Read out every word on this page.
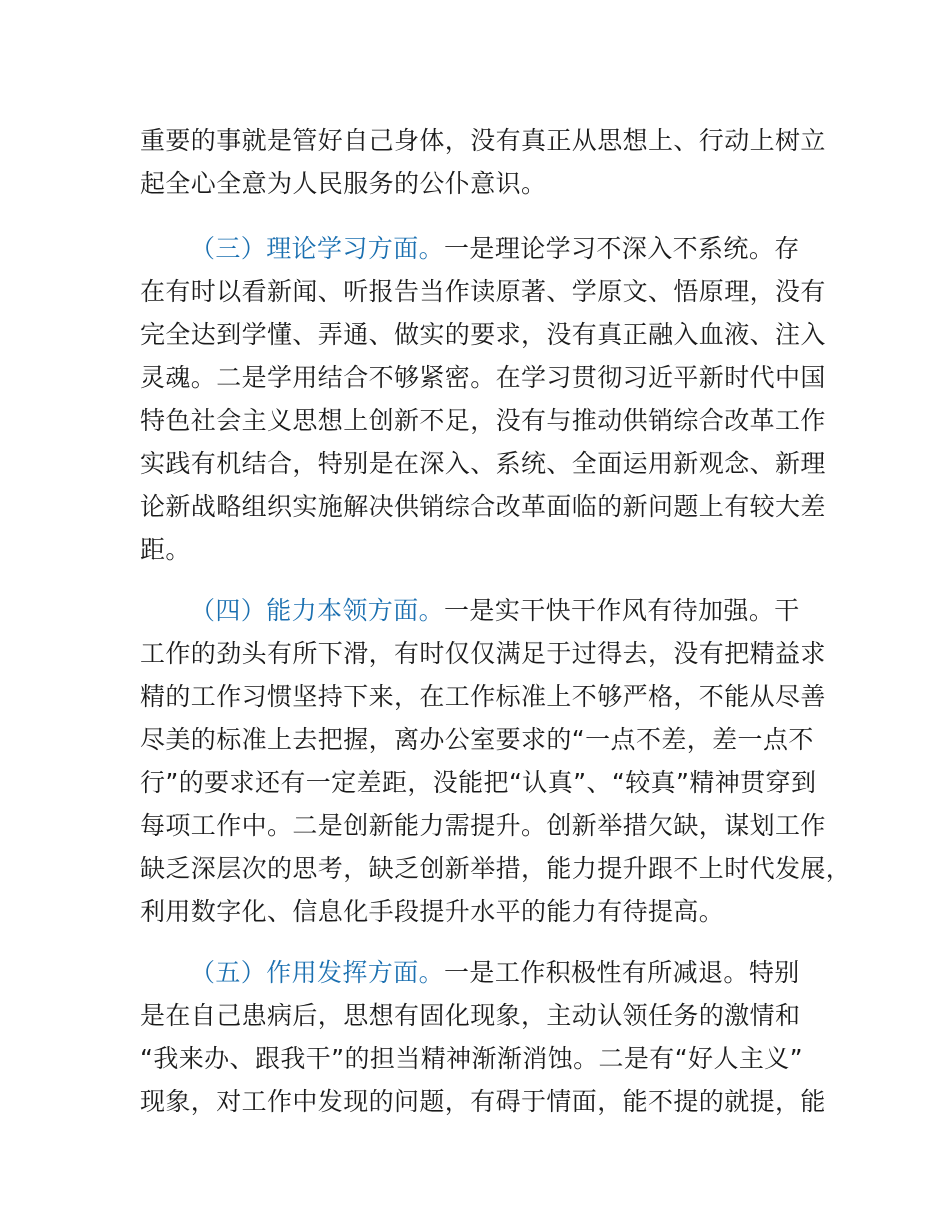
重要的事就是管好自己身体，没有真正从思想上、行动上树立
起全心全意为人民服务的公仆意识。
（三）理论学习方面。一是理论学习不深入不系统。存
在有时以看新闻、听报告当作读原著、学原文、悟原理，没有
完全达到学懂、弄通、做实的要求，没有真正融入血液、注入
灵魂。二是学用结合不够紧密。在学习贯彻习近平新时代中国
特色社会主义思想上创新不足，没有与推动供销综合改革工作
实践有机结合，特别是在深入、系统、全面运用新观念、新理
论新战略组织实施解决供销综合改革面临的新问题上有较大差
距。
（四）能力本领方面。一是实干快干作风有待加强。干
工作的劲头有所下滑，有时仅仅满足于过得去，没有把精益求
精的工作习惯坚持下来，在工作标准上不够严格，不能从尽善
尽美的标准上去把握，离办公室要求的“一点不差，差一点不
行”的要求还有一定差距，没能把“认真”、“较真”精神贯穿到
每项工作中。二是创新能力需提升。创新举措欠缺，谋划工作
缺乏深层次的思考，缺乏创新举措，能力提升跟不上时代发展，
利用数字化、信息化手段提升水平的能力有待提高。
（五）作用发挥方面。一是工作积极性有所减退。特别
是在自己患病后，思想有固化现象，主动认领任务的激情和
“我来办、跟我干”的担当精神渐渐消蚀。二是有“好人主义”
现象，对工作中发现的问题，有碍于情面，能不提的就提，能
